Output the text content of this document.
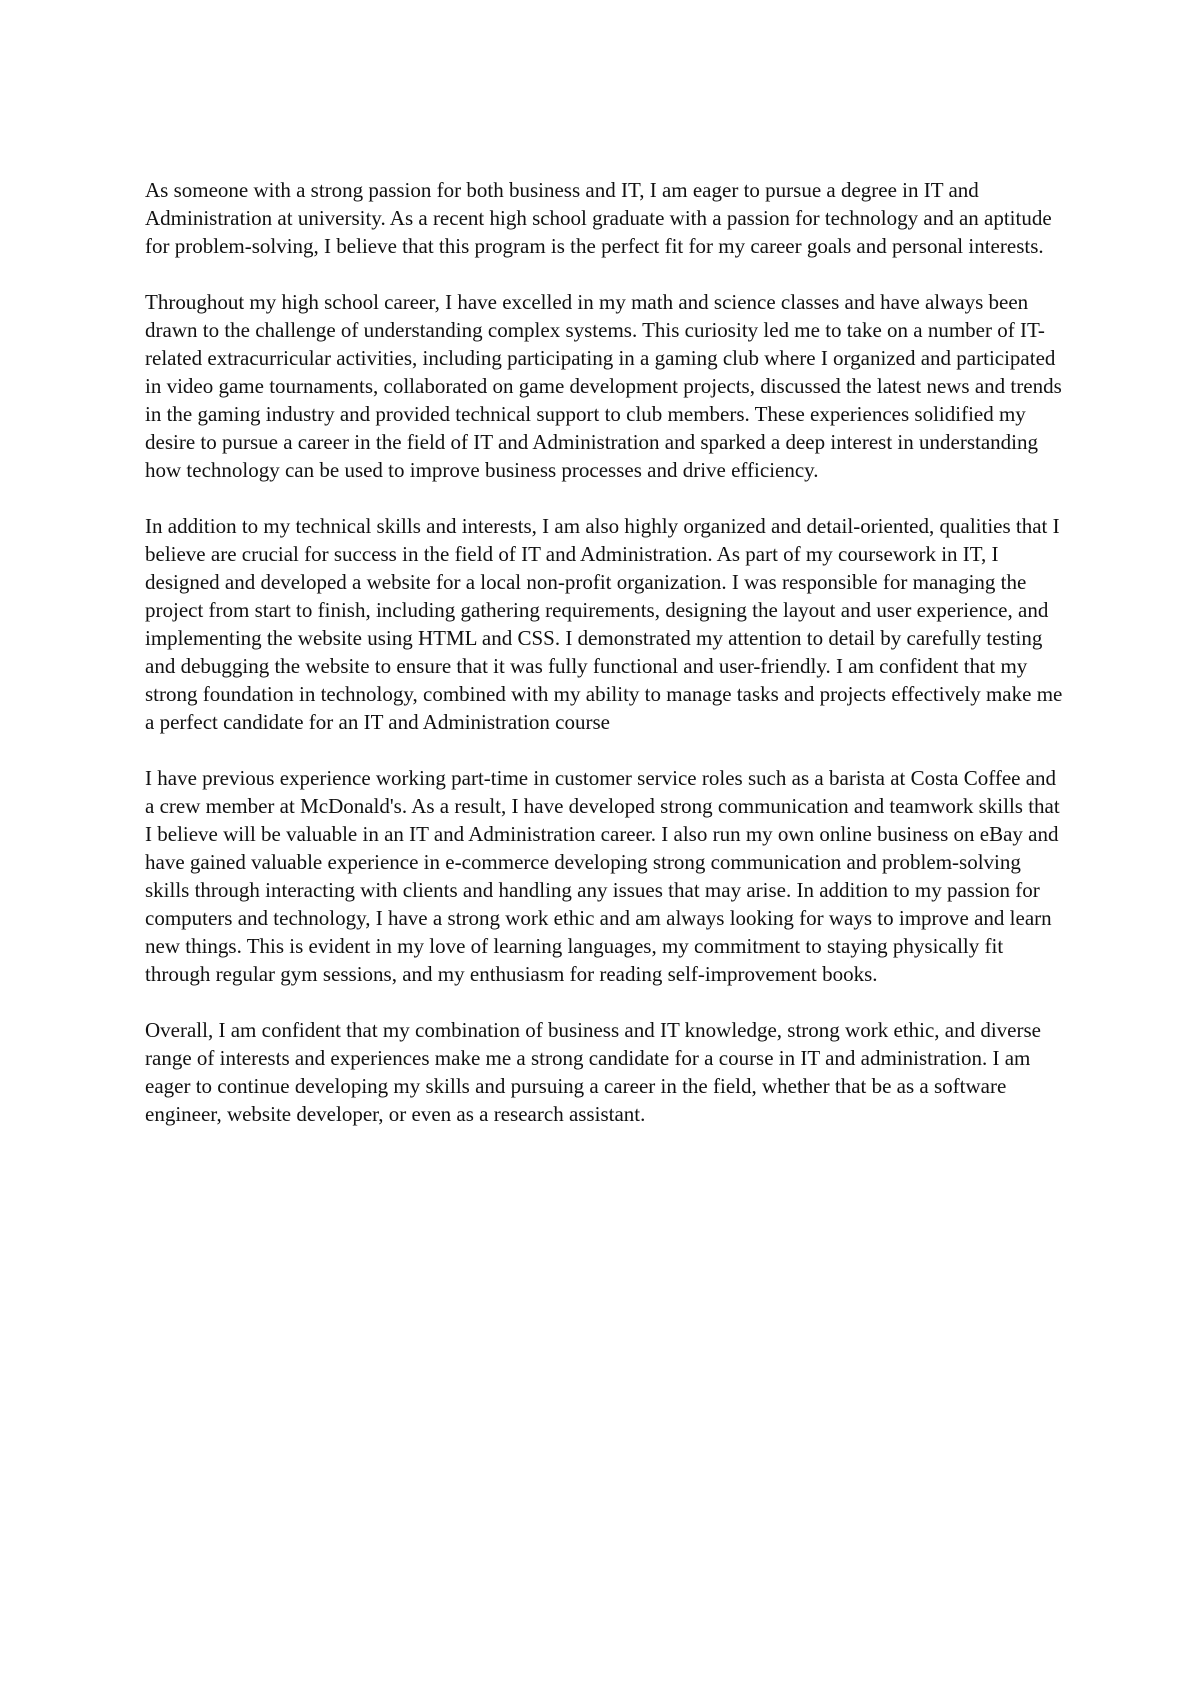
As someone with a strong passion for both business and IT, I am eager to pursue a degree in IT and Administration at university. As a recent high school graduate with a passion for technology and an aptitude for problem-solving, I believe that this program is the perfect fit for my career goals and personal interests.

Throughout my high school career, I have excelled in my math and science classes and have always been drawn to the challenge of understanding complex systems. This curiosity led me to take on a number of IT-related extracurricular activities, including participating in a gaming club where I organized and participated in video game tournaments, collaborated on game development projects, discussed the latest news and trends in the gaming industry and provided technical support to club members. These experiences solidified my desire to pursue a career in the field of IT and Administration and sparked a deep interest in understanding how technology can be used to improve business processes and drive efficiency.

In addition to my technical skills and interests, I am also highly organized and detail-oriented, qualities that I believe are crucial for success in the field of IT and Administration. As part of my coursework in IT, I designed and developed a website for a local non-profit organization. I was responsible for managing the project from start to finish, including gathering requirements, designing the layout and user experience, and implementing the website using HTML and CSS. I demonstrated my attention to detail by carefully testing and debugging the website to ensure that it was fully functional and user-friendly. I am confident that my strong foundation in technology, combined with my ability to manage tasks and projects effectively make me a perfect candidate for an IT and Administration course

I have previous experience working part-time in customer service roles such as a barista at Costa Coffee and a crew member at McDonald's. As a result, I have developed strong communication and teamwork skills that I believe will be valuable in an IT and Administration career. I also run my own online business on eBay and have gained valuable experience in e-commerce developing strong communication and problem-solving skills through interacting with clients and handling any issues that may arise. In addition to my passion for computers and technology, I have a strong work ethic and am always looking for ways to improve and learn new things. This is evident in my love of learning languages, my commitment to staying physically fit through regular gym sessions, and my enthusiasm for reading self-improvement books.

Overall, I am confident that my combination of business and IT knowledge, strong work ethic, and diverse range of interests and experiences make me a strong candidate for a course in IT and administration. I am eager to continue developing my skills and pursuing a career in the field, whether that be as a software engineer, website developer, or even as a research assistant.
